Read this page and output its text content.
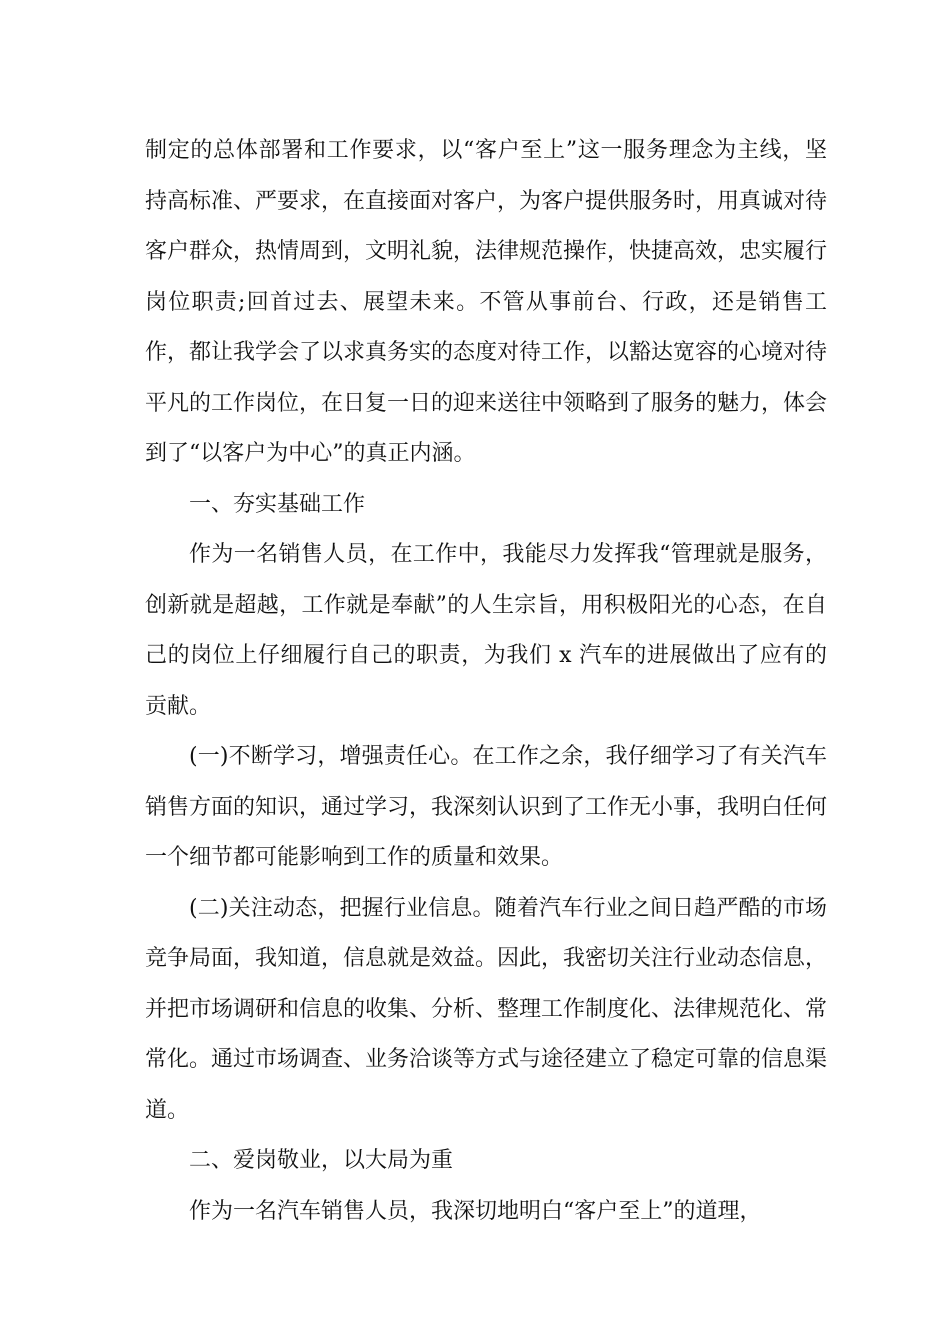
制定的总体部署和工作要求，以“客户至上”这一服务理念为主线，坚持高标准、严要求，在直接面对客户，为客户提供服务时，用真诚对待客户群众，热情周到，文明礼貌，法律规范操作，快捷高效，忠实履行岗位职责;回首过去、展望未来。不管从事前台、行政，还是销售工作，都让我学会了以求真务实的态度对待工作，以豁达宽容的心境对待平凡的工作岗位，在日复一日的迎来送往中领略到了服务的魅力，体会到了“以客户为中心”的真正内涵。

一、夯实基础工作

作为一名销售人员，在工作中，我能尽力发挥我“管理就是服务，创新就是超越，工作就是奉献”的人生宗旨，用积极阳光的心态，在自己的岗位上仔细履行自己的职责，为我们 x 汽车的进展做出了应有的贡献。

(一)不断学习，增强责任心。在工作之余，我仔细学习了有关汽车销售方面的知识，通过学习，我深刻认识到了工作无小事，我明白任何一个细节都可能影响到工作的质量和效果。

(二)关注动态，把握行业信息。随着汽车行业之间日趋严酷的市场竞争局面，我知道，信息就是效益。因此，我密切关注行业动态信息，并把市场调研和信息的收集、分析、整理工作制度化、法律规范化、常常化。通过市场调查、业务洽谈等方式与途径建立了稳定可靠的信息渠道。

二、爱岗敬业，以大局为重

作为一名汽车销售人员，我深切地明白“客户至上”的道理，
